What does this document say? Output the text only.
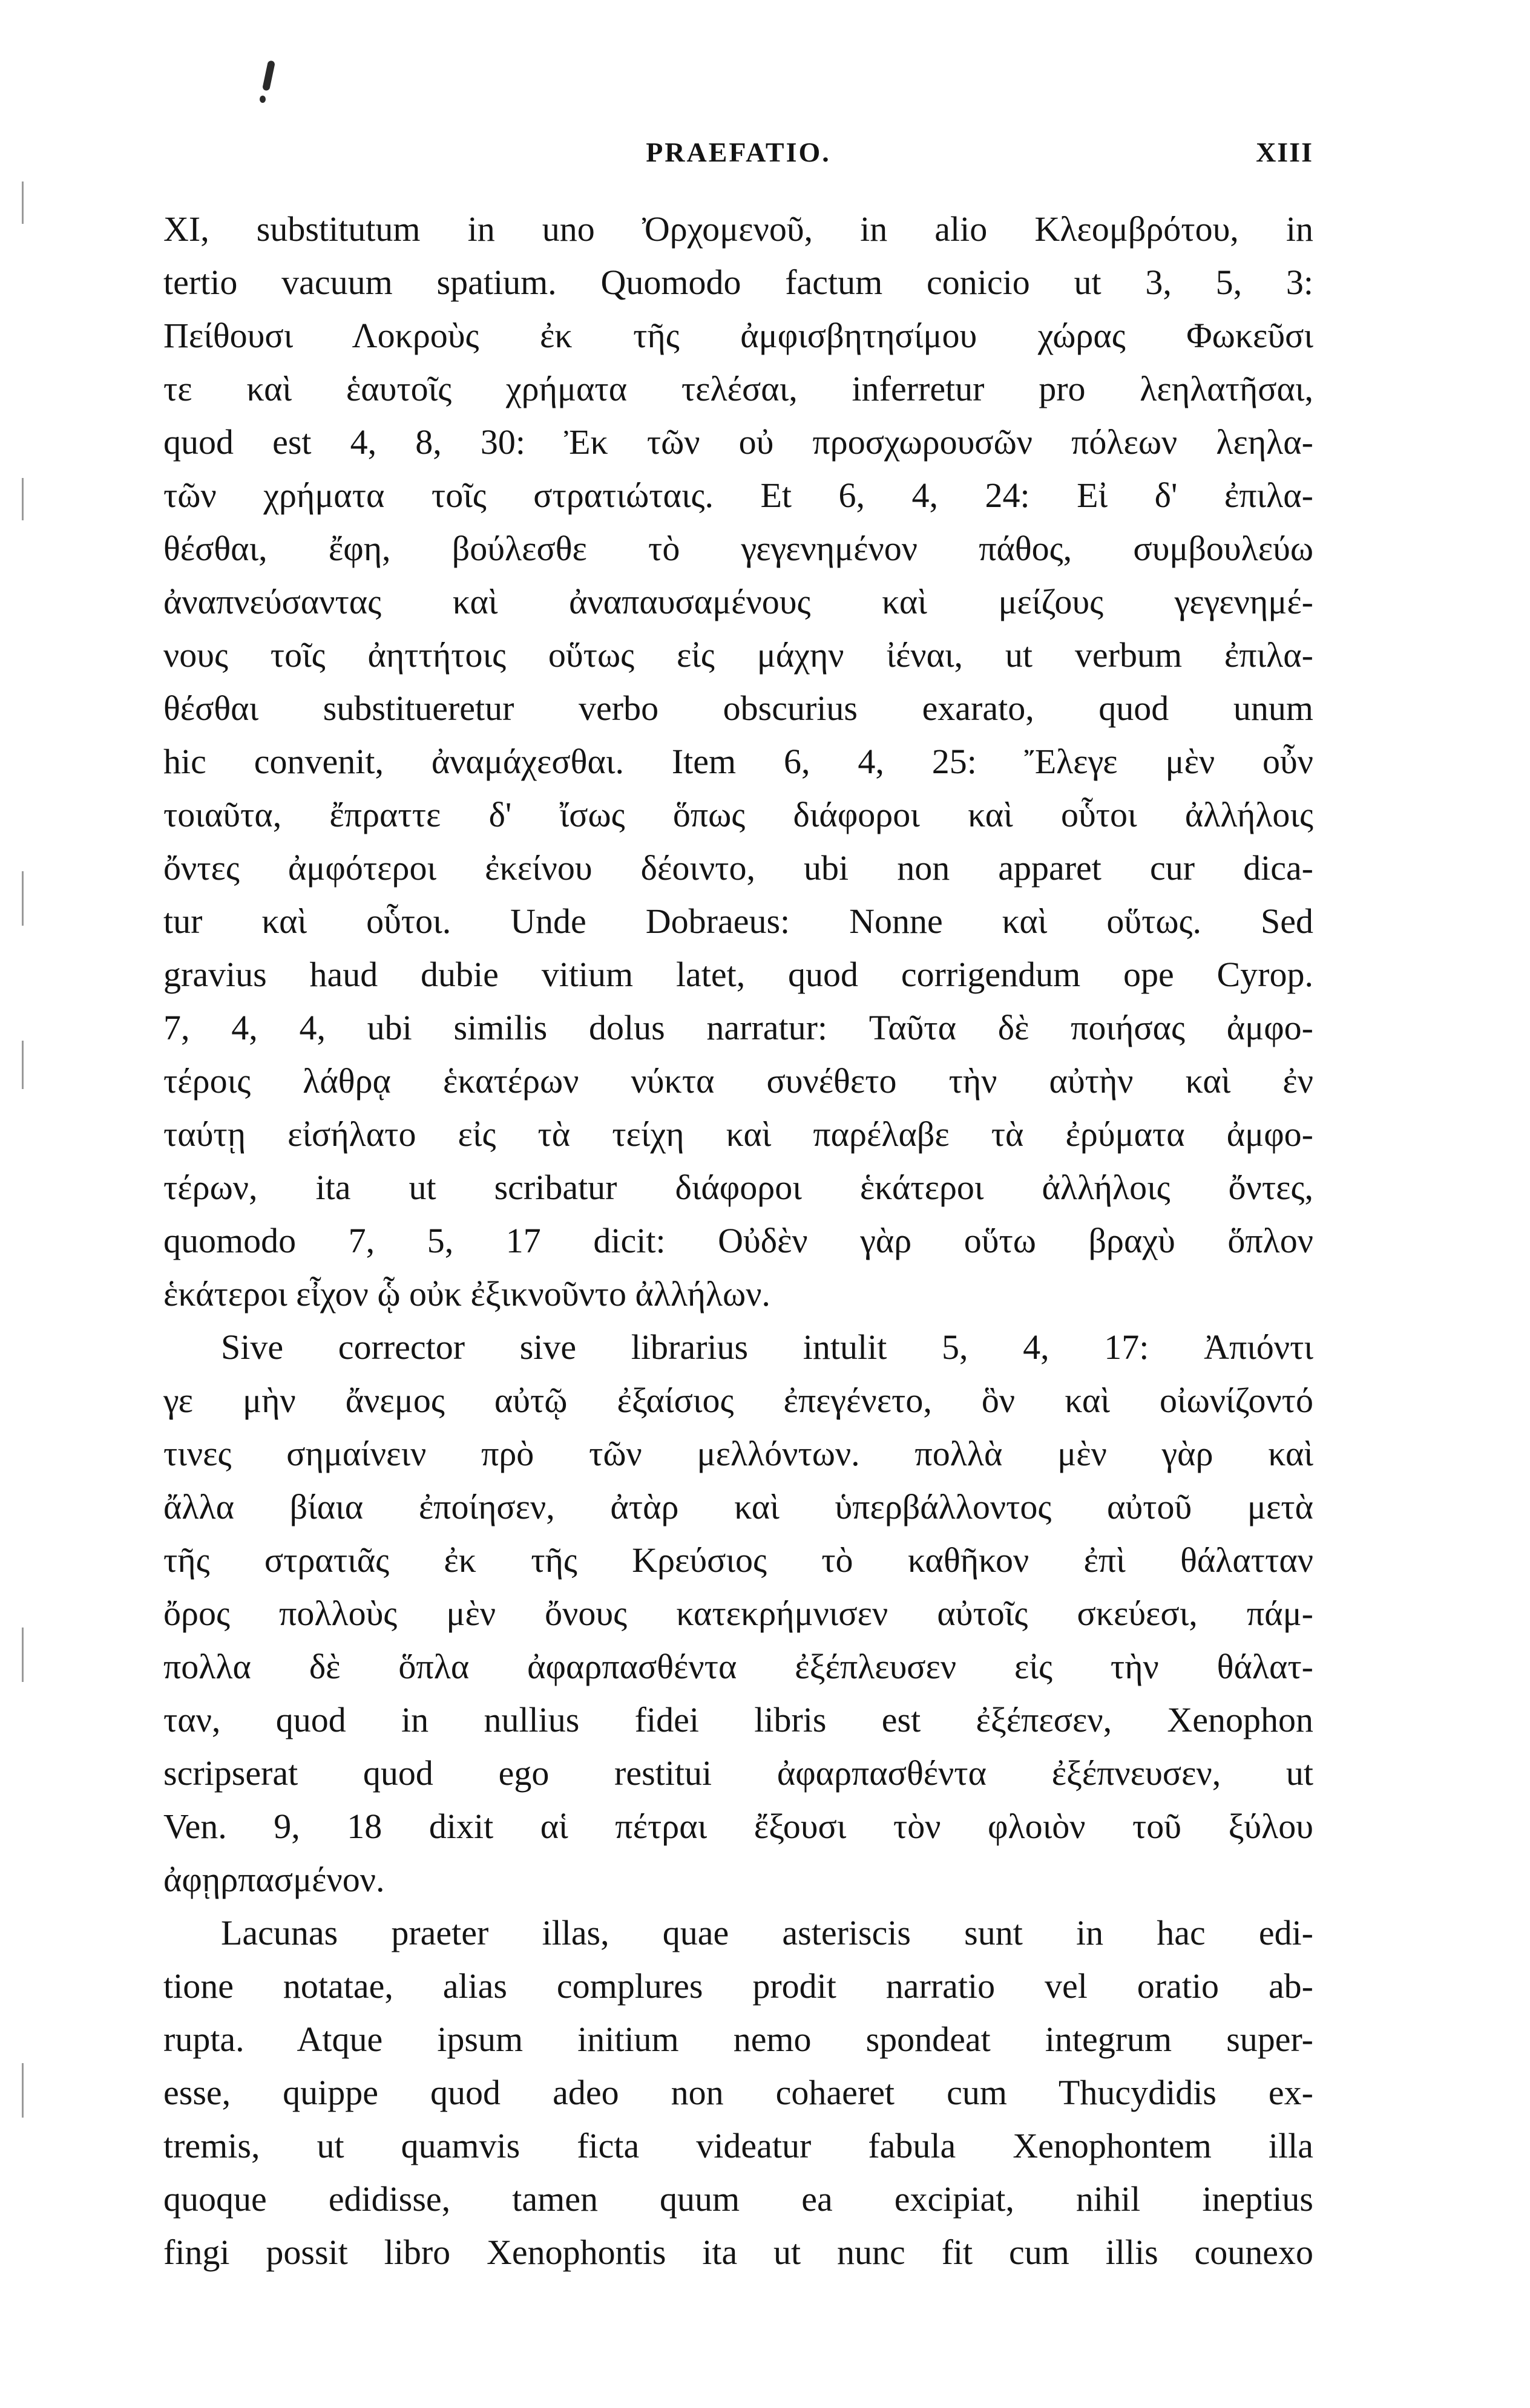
PRAEFATIO.	XIII
XI, substitutum in uno Ὀρχομενοῦ, in alio Κλεομβρότου, in
tertio vacuum spatium. Quomodo factum conicio ut 3, 5, 3:
Πείθουσι Λοκροὺς ἐκ τῆς ἀμφισβητησίμου χώρας Φωκεῦσι
τε καὶ ἑαυτοῖς χρήματα τελέσαι, inferretur pro λεηλατῆσαι,
quod est 4, 8, 30: Ἐκ τῶν οὐ προσχωρουσῶν πόλεων λεηλα-
τῶν χρήματα τοῖς στρατιώταις. Et 6, 4, 24: Εἰ δ' ἐπιλα-
θέσθαι, ἔφη, βούλεσθε τὸ γεγενημένον πάθος, συμβουλεύω
ἀναπνεύσαντας καὶ ἀναπαυσαμένους καὶ μείζους γεγενημέ-
νους τοῖς ἀηττήτοις οὕτως εἰς μάχην ἰέναι, ut verbum ἐπιλα-
θέσθαι substitueretur verbo obscurius exarato, quod unum
hic convenit, ἀναμάχεσθαι. Item 6, 4, 25: Ἔλεγε μὲν οὖν
τοιαῦτα, ἔπραττε δ' ἴσως ὅπως διάφοροι καὶ οὗτοι ἀλλήλοις
ὄντες ἀμφότεροι ἐκείνου δέοιντο, ubi non apparet cur dica-
tur καὶ οὗτοι. Unde Dobraeus: Nonne καὶ οὕτως. Sed
gravius haud dubie vitium latet, quod corrigendum ope Cyrop.
7, 4, 4, ubi similis dolus narratur: Ταῦτα δὲ ποιήσας ἀμφο-
τέροις λάθρᾳ ἑκατέρων νύκτα συνέθετο τὴν αὐτὴν καὶ ἐν
ταύτῃ εἰσήλατο εἰς τὰ τείχη καὶ παρέλαβε τὰ ἐρύματα ἀμφο-
τέρων, ita ut scribatur διάφοροι ἑκάτεροι ἀλλήλοις ὄντες,
quomodo 7, 5, 17 dicit: Οὐδὲν γὰρ οὕτω βραχὺ ὅπλον
ἑκάτεροι εἶχον ᾧ οὐκ ἐξικνοῦντο ἀλλήλων.
Sive corrector sive librarius intulit 5, 4, 17: Ἀπιόντι
γε μὴν ἄνεμος αὐτῷ ἐξαίσιος ἐπεγένετο, ὃν καὶ οἰωνίζοντό
τινες σημαίνειν πρὸ τῶν μελλόντων. πολλὰ μὲν γὰρ καὶ
ἄλλα βίαια ἐποίησεν, ἀτὰρ καὶ ὑπερβάλλοντος αὐτοῦ μετὰ
τῆς στρατιᾶς ἐκ τῆς Κρεύσιος τὸ καθῆκον ἐπὶ θάλατταν
ὄρος πολλοὺς μὲν ὄνους κατεκρήμνισεν αὐτοῖς σκεύεσι, πάμ-
πολλα δὲ ὅπλα ἀφαρπασθέντα ἐξέπλευσεν εἰς τὴν θάλατ-
ταν, quod in nullius fidei libris est ἐξέπεσεν, Xenophon
scripserat quod ego restitui ἀφαρπασθέντα ἐξέπνευσεν, ut
Ven. 9, 18 dixit αἱ πέτραι ἔξουσι τὸν φλοιὸν τοῦ ξύλου
ἀφῃρπασμένον.
Lacunas praeter illas, quae asteriscis sunt in hac edi-
tione notatae, alias complures prodit narratio vel oratio ab-
rupta. Atque ipsum initium nemo spondeat integrum super-
esse, quippe quod adeo non cohaeret cum Thucydidis ex-
tremis, ut quamvis ficta videatur fabula Xenophontem illa
quoque edidisse, tamen quum ea excipiat, nihil ineptius
fingi possit libro Xenophontis ita ut nunc fit cum illis counexo
